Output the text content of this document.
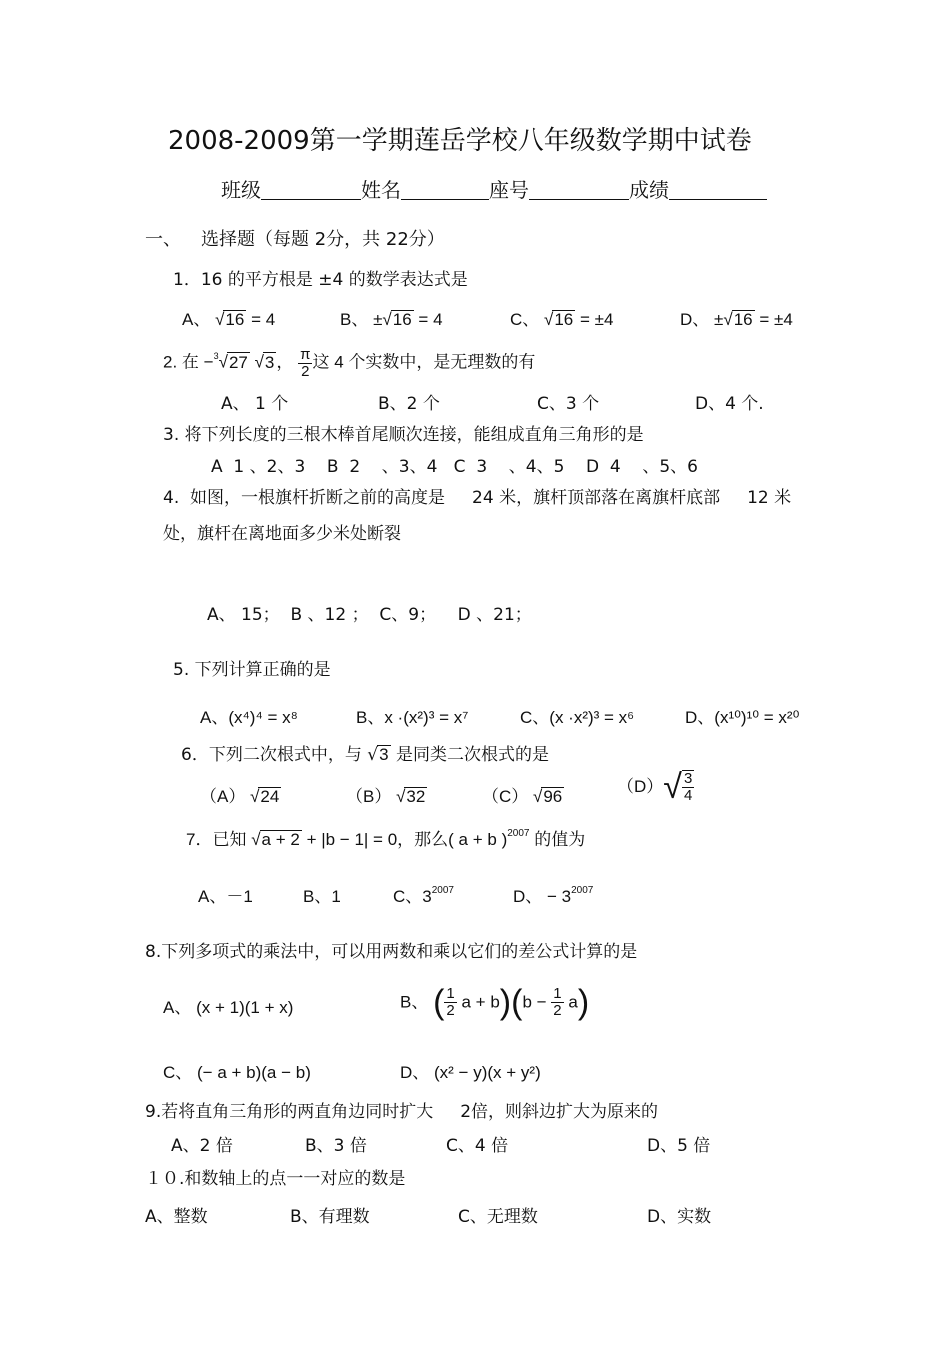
2008-2009第一学期莲岳学校八年级数学期中试卷
班级	姓名	座号	成绩
一、 选择题（每题 2分，共 22分）
1．16 的平方根是 ±4 的数学表达式是
A、 √16 = 4	B、 ±√16 = 4	C、 √16 = ±4	D、 ±√16 = ±4
2. 在 −$^3$√27 √3 ， $\frac{\pi}{2}$ 这 4 个实数中，是无理数的有
A、 1 个	B、2 个	C、3 个	D、4 个.
3. 将下列长度的三根木棒首尾顺次连接，能组成直角三角形的是
A  1 、2、3    B  2    、3、4   C  3    、4、5    D  4    、5、6
4.  如图，一根旗杆折断之前的高度是     24 米，旗杆顶部落在离旗杆底部     12 米
处，旗杆在离地面多少米处断裂
A、 15；  B 、12 ；  C、9；    D 、21；
5. 下列计算正确的是
A、(x⁴)⁴ = x⁸	B、x ·(x²)³ = x⁷	C、(x ·x²)³ = x⁶	D、(x¹⁰)¹⁰ = x²⁰
6．下列二次根式中，与 √3 是同类二次根式的是
（A） √24	（B） √32	（C） √96
$(D)√ \frac{3}{4}$
7．已知 √a + 2 + |b − 1| = 0，那么( a + b )$^{2007}$ 的值为
A、－1	B、1	C、$3^{2007}$	D、 − $3^{2007}$
8.下列多项式的乘法中，可以用两数和乘以它们的差公式计算的是
A、 (x + 1)(1 + x)	B、 ( $\frac{1}{2}$ $a + b)(b - \frac{1}{2} a)$
C、 (− a + b)(a − b)	D、 (x² − y)(x + y²)
9.若将直角三角形的两直角边同时扩大     2倍，则斜边扩大为原来的
A、2 倍	B、3 倍	C、4 倍	D、5 倍
１０.和数轴上的点一一对应的数是
A、整数	B、有理数	C、无理数	D、实数
